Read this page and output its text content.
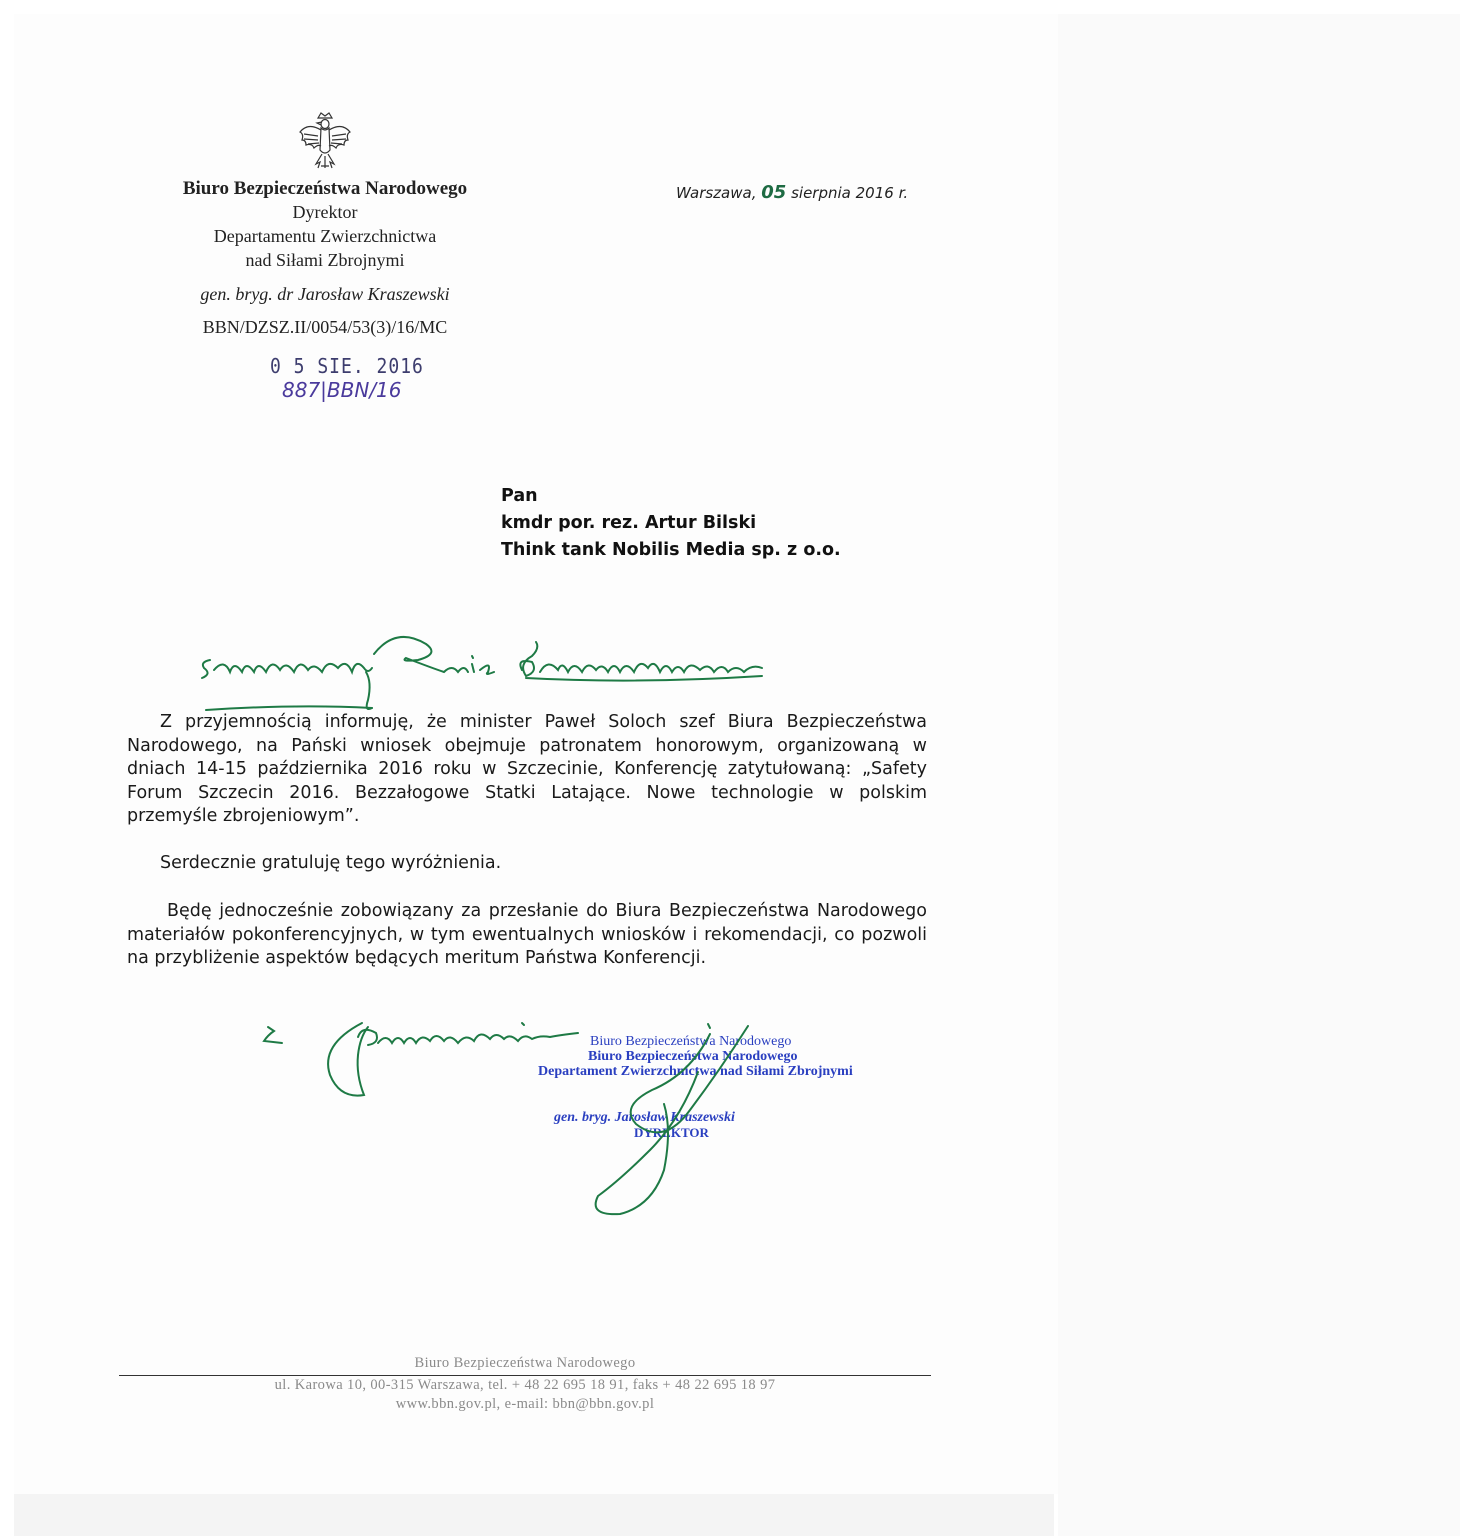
Biuro Bezpieczeństwa Narodowego
Dyrektor
Departamentu Zwierzchnictwa
nad Siłami Zbrojnymi
gen. bryg. dr Jarosław Kraszewski
BBN/DZSZ.II/0054/53(3)/16/MC
0 5 SIE. 2016
887|BBN/16
Warszawa, 05 sierpnia 2016 r.
Pan
kmdr por. rez. Artur Bilski
Think tank Nobilis Media sp. z o.o.
Z przyjemnością informuję, że minister Paweł Soloch szef Biura Bezpieczeństwa Narodowego, na Pański wniosek obejmuje patronatem honorowym, organizowaną w dniach 14-15 października 2016 roku w Szczecinie, Konferencję zatytułowaną: „Safety Forum Szczecin 2016. Bezzałogowe Statki Latające. Nowe technologie w polskim przemyśle zbrojeniowym”.
Serdecznie gratuluję tego wyróżnienia.
Będę jednocześnie zobowiązany za przesłanie do Biura Bezpieczeństwa Narodowego materiałów pokonferencyjnych, w tym ewentualnych wniosków i rekomendacji, co pozwoli na przybliżenie aspektów będących meritum Państwa Konferencji.
Biuro Bezpieczeństwa Narodowego
Biuro Bezpieczeństwa Narodowego
Departament Zwierzchnictwa nad Siłami Zbrojnymi
gen. bryg. Jarosław Kraszewski
DYREKTOR
Biuro Bezpieczeństwa Narodowego
ul. Karowa 10, 00-315 Warszawa, tel. + 48 22 695 18 91, faks + 48 22 695 18 97
www.bbn.gov.pl, e-mail: bbn@bbn.gov.pl
